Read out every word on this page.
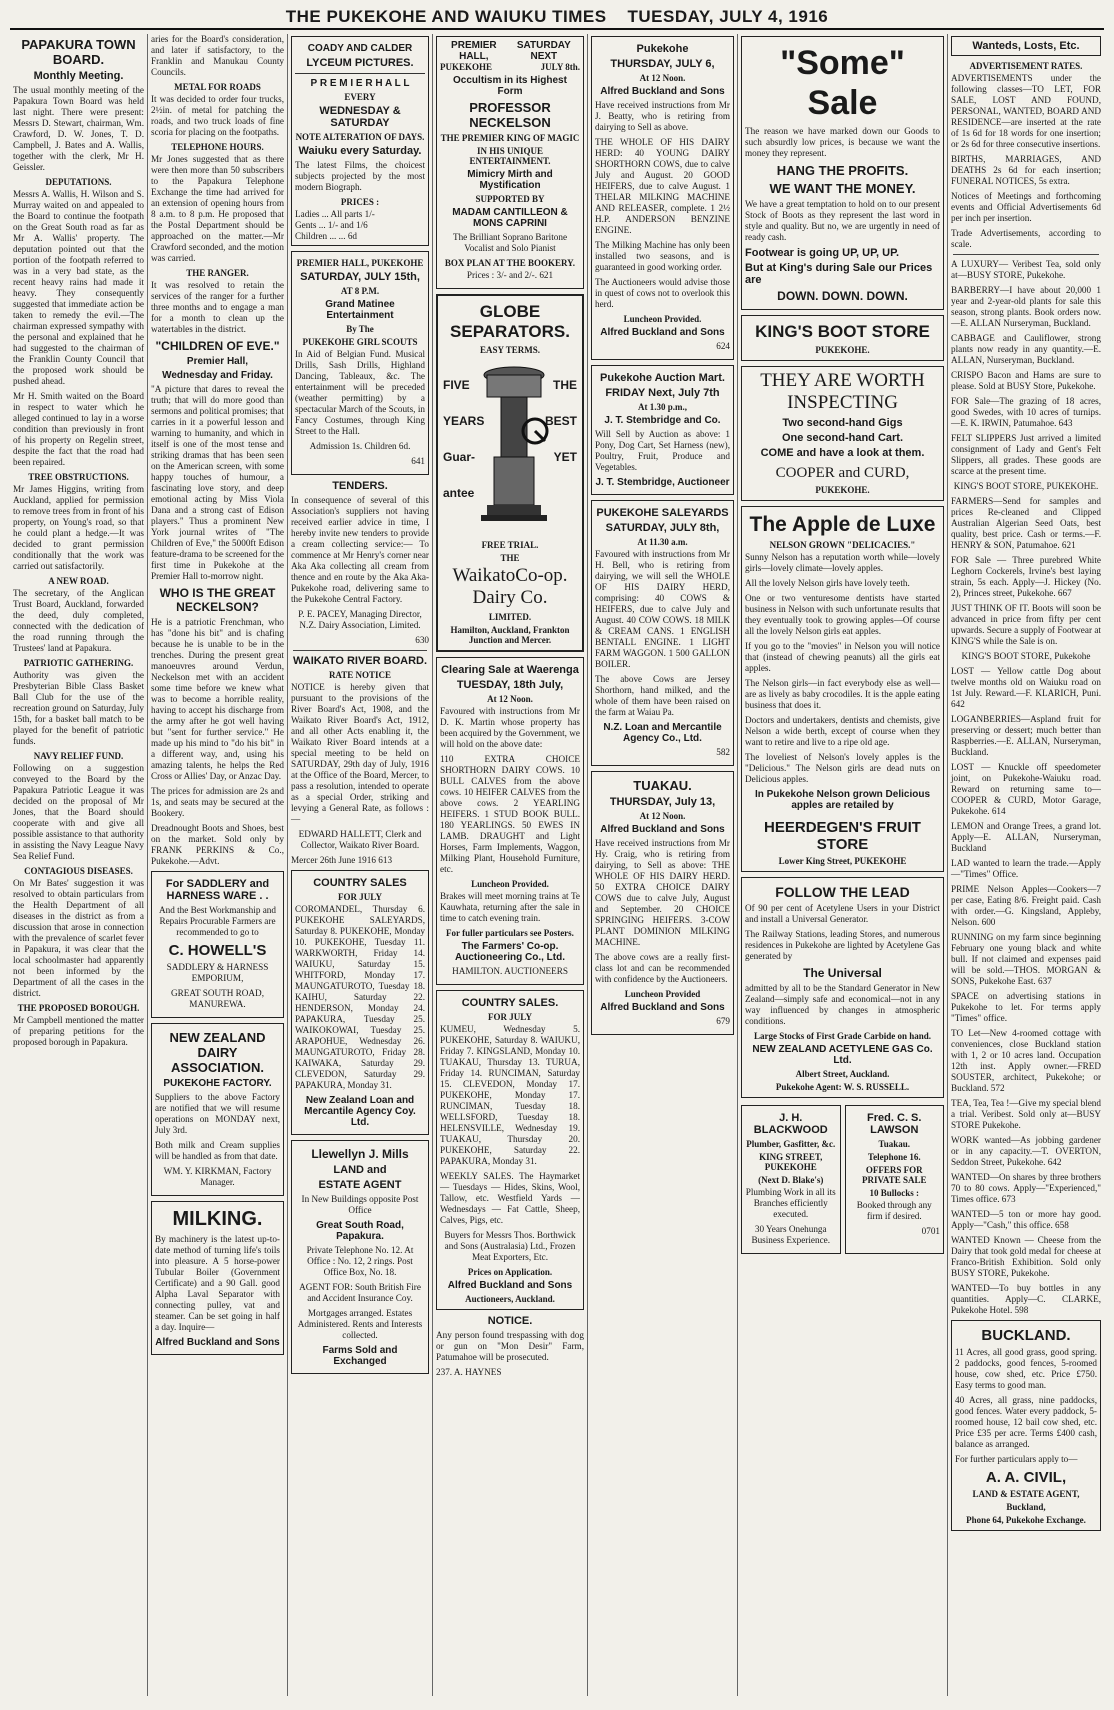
THE PUKEKOHE AND WAIUKU TIMES
TUESDAY, JULY 4, 1916
PAPAKURA TOWN BOARD.
Monthly Meeting.

The usual monthly meeting of the Papakura Town Board was held last night. There were present: Messrs D. Stewart, chairman, Wm. Crawford, D. W. Jones, T. D. Campbell, J. Bates and A. Wallis, together with the clerk, Mr H. Geissler.

DEPUTATIONS.

Messrs A. Wallis, H. Wilson and S. Murray waited on and appealed to the Board to continue the footpath on the Great South road as far as Mr A. Wallis' property. The deputation pointed out that the portion of the footpath referred to was in a very bad state, as the recent heavy rains had made it heavy. They consequently suggested that immediate action be taken to remedy the evil.—The chairman expressed sympathy with the personal and explained that he had suggested to the chairman of the Franklin County Council that the proposed work should be pushed ahead.

Mr H. Smith waited on the Board in respect to water which he alleged continued to lay in a worse condition than previously in front of his property on Regelin street, despite the fact that the road had been repaired.

TREE OBSTRUCTIONS.

Mr James Higgins, writing from Auckland, applied for permission to remove trees from in front of his property, on Young's road, so that he could plant a hedge.—It was decided to grant permission conditionally that the work was carried out satisfactorily.

A NEW ROAD.

The secretary, of the Anglican Trust Board, Auckland, forwarded the deed, duly completed, connected with the dedication of the road running through the Trustees' land at Papakura.

PATRIOTIC GATHERING.

Authority was given the Presbyterian Bible Class Basket Ball Club for the use of the recreation ground on Saturday, July 15th, for a basket ball match to be played for the benefit of patriotic funds.

NAVY RELIEF FUND.

Following on a suggestion conveyed to the Board by the Papakura Patriotic League it was decided on the proposal of Mr Jones, that the Board should cooperate with and give all possible assistance to that authority in assisting the Navy League Navy Sea Relief Fund.

CONTAGIOUS DISEASES.

On Mr Bates' suggestion it was resolved to obtain particulars from the Health Department of all diseases in the district as from a discussion that arose in connection with the prevalence of scarlet fever in Papakura, it was clear that the local schoolmaster had apparently not been informed by the Department of all the cases in the district.

THE PROPOSED BOROUGH.

Mr Campbell mentioned the matter of preparing petitions for the proposed borough in Papakura.

aries for the Board's consideration, and later if satisfactory, to the Franklin and Manukau County Councils.

METAL FOR ROADS

It was decided to order four trucks, 2½in. of metal for patching the roads, and two truck loads of fine scoria for placing on the footpaths.

TELEPHONE HOURS.

Mr Jones suggested that as there were then more than 50 subscribers to the Papakura Telephone Exchange the time had arrived for an extension of opening hours from 8 a.m. to 8 p.m. He proposed that the Postal Department should be approached on the matter.—Mr Crawford seconded, and the motion was carried.

THE RANGER.

It was resolved to retain the services of the ranger for a further three months and to engage a man for a month to clean up the watertables in the district.

"CHILDREN OF EVE."
Premier Hall,
Wednesday and Friday.

"A picture that dares to reveal the truth; that will do more good than sermons and political promises; that carries in it a powerful lesson and warning to humanity, and which in itself is one of the most tense and striking dramas that has been seen on the American screen, with some happy touches of humour, a fascinating love story, and deep emotional acting by Miss Viola Dana and a strong cast of Edison players." Thus a prominent New York journal writes of "The Children of Eve," the 5000ft Edison feature-drama to be screened for the first time in Pukekohe at the Premier Hall to-morrow night.

WHO IS THE GREAT NECKELSON?

He is a patriotic Frenchman, who has "done his bit" and is chafing because he is unable to be in the trenches. During the present great manoeuvres around Verdun, Neckelson met with an accident some time before we knew what was to become a horrible reality, having to accept his discharge from the army after he got well having but "sent for further service." He made up his mind to "do his bit" in a different way, and, using his amazing talents, he helps the Red Cross or Allies' Day, or Anzac Day.

The prices for admission are 2s and 1s, and seats may be secured at the Bookery.

Dreadnought Boots and Shoes, best on the market. Sold only by FRANK PERKINS & Co., Pukekohe.—Advt.

For SADDLERY and HARNESS WARE . .

And the Best Workmanship and Repairs Procurable Farmers are recommended to go to

C. HOWELL'S

SADDLERY & HARNESS EMPORIUM,

GREAT SOUTH ROAD, MANUREWA.

NEW ZEALAND DAIRY ASSOCIATION.
PUKEKOHE FACTORY.

Suppliers to the above Factory are notified that we will resume operations on MONDAY next, July 3rd.

Both milk and Cream supplies will be handled as from that date.

WM. Y. KIRKMAN, Factory Manager.

MILKING.

By machinery is the latest up-to-date method of turning life's toils into pleasure. A 5 horse-power Tubular Boiler (Government Certificate) and a 90 Gall. good Alpha Laval Separator with connecting pulley, vat and steamer. Can be set going in half a day. Inquire—

Alfred Buckland and Sons
COADY AND CALDER
LYCEUM PICTURES.
P R E M I E R H A L L
EVERY
WEDNESDAY & SATURDAY
NOTE ALTERATION OF DAYS.
Waiuku every Saturday.

The latest Films, the choicest subjects projected by the most modern Biograph.

PRICES :

Ladies ... All parts 1/-

Gents ... 1/- and 1/6

Children ... ... 6d

PREMIER HALL, PUKEKOHE
SATURDAY, JULY 15th,
AT 8 P.M.
Grand Matinee Entertainment
By The
PUKEKOHE GIRL SCOUTS

In Aid of Belgian Fund. Musical Drills, Sash Drills, Highland Dancing, Tableaux, &c. The entertainment will be preceded (weather permitting) by a spectacular March of the Scouts, in Fancy Costumes, through King Street to the Hall.

Admission 1s. Children 6d.

641

TENDERS.

In consequence of several of this Association's suppliers not having received earlier advice in time, I hereby invite new tenders to provide a cream collecting service:— To commence at Mr Henry's corner near Aka Aka collecting all cream from thence and en route by the Aka Aka-Pukekohe road, delivering same to the Pukekohe Central Factory.

P. E. PACEY, Managing Director, N.Z. Dairy Association, Limited.

630

WAIKATO RIVER BOARD.
RATE NOTICE

NOTICE is hereby given that pursuant to the provisions of the River Board's Act, 1908, and the Waikato River Board's Act, 1912, and all other Acts enabling it, the Waikato River Board intends at a special meeting to be held on SATURDAY, 29th day of July, 1916 at the Office of the Board, Mercer, to pass a resolution, intended to operate as a special Order, striking and levying a General Rate, as follows :—

EDWARD HALLETT, Clerk and Collector, Waikato River Board.

Mercer 26th June 1916 613

COUNTRY SALES
FOR JULY

COROMANDEL, Thursday 6. PUKEKOHE SALEYARDS, Saturday 8. PUKEKOHE, Monday 10. PUKEKOHE, Tuesday 11. WARKWORTH, Friday 14. WAIUKU, Saturday 15. WHITFORD, Monday 17. MAUNGATUROTO, Tuesday 18. KAIHU, Saturday 22. HENDERSON, Monday 24. PAPAKURA, Tuesday 25. WAIKOKOWAI, Tuesday 25. ARAPOHUE, Wednesday 26. MAUNGATUROTO, Friday 28. KAIWAKA, Saturday 29. CLEVEDON, Saturday 29. PAPAKURA, Monday 31.

New Zealand Loan and Mercantile Agency Coy. Ltd.
Llewellyn J. Mills
LAND and
ESTATE AGENT

In New Buildings opposite Post Office

Great South Road, Papakura.

Private Telephone No. 12. At Office : No. 12, 2 rings. Post Office Box, No. 18.

AGENT FOR: South British Fire and Accident Insurance Coy.

Mortgages arranged. Estates Administered. Rents and Interests collected.

Farms Sold and Exchanged
PREMIER HALL,
SATURDAY NEXT
PUKEKOHE	JULY 8th.
Occultism in its Highest Form
PROFESSOR NECKELSON
THE PREMIER KING OF MAGIC
IN HIS UNIQUE ENTERTAINMENT.
Mimicry Mirth and Mystification
SUPPORTED BY
MADAM CANTILLEON & MONS CAPRINI

The Brilliant Soprano Baritone Vocalist and Solo Pianist

BOX PLAN AT THE BOOKERY.

Prices : 3/- and 2/-. 621

GLOBE SEPARATORS.
EASY TERMS.
FIVE
YEARS
Guar-
antee
THE
BEST
YET
FREE TRIAL.
THE
WaikatoCo-op. Dairy Co.
LIMITED.
Hamilton, Auckland, Frankton Junction and Mercer.
Clearing Sale at Waerenga
TUESDAY, 18th July,
At 12 Noon.

Favoured with instructions from Mr D. K. Martin whose property has been acquired by the Government, we will hold on the above date:

110 EXTRA CHOICE SHORTHORN DAIRY COWS. 10 BULL CALVES from the above cows. 10 HEIFER CALVES from the above cows. 2 YEARLING HEIFERS. 1 STUD BOOK BULL. 180 YEARLINGS. 50 EWES IN LAMB. DRAUGHT and Light Horses, Farm Implements, Waggon, Milking Plant, Household Furniture, etc.

Luncheon Provided.

Brakes will meet morning trains at Te Kauwhata, returning after the sale in time to catch evening train.

For fuller particulars see Posters.
The Farmers' Co-op. Auctioneering Co., Ltd.

HAMILTON. AUCTIONEERS

COUNTRY SALES.
FOR JULY

KUMEU, Wednesday 5. PUKEKOHE, Saturday 8. WAIUKU, Friday 7. KINGSLAND, Monday 10. TUAKAU, Thursday 13. TURUA, Friday 14. RUNCIMAN, Saturday 15. CLEVEDON, Monday 17. PUKEKOHE, Monday 17. RUNCIMAN, Tuesday 18. WELLSFORD, Tuesday 18. HELENSVILLE, Wednesday 19. TUAKAU, Thursday 20. PUKEKOHE, Saturday 22. PAPAKURA, Monday 31.

WEEKLY SALES. The Haymarket — Tuesdays — Hides, Skins, Wool, Tallow, etc. Westfield Yards — Wednesdays — Fat Cattle, Sheep, Calves, Pigs, etc.

Buyers for Messrs Thos. Borthwick and Sons (Australasia) Ltd., Frozen Meat Exporters, Etc.

Prices on Application.
Alfred Buckland and Sons
Auctioneers, Auckland.
NOTICE.

Any person found trespassing with dog or gun on "Mon Desir" Farm, Patumahoe will be prosecuted.

237. A. HAYNES

Pukekohe
THURSDAY, JULY 6,
At 12 Noon.
Alfred Buckland and Sons

Have received instructions from Mr J. Beatty, who is retiring from dairying to Sell as above.

THE WHOLE OF HIS DAIRY HERD: 40 YOUNG DAIRY SHORTHORN COWS, due to calve July and August. 20 GOOD HEIFERS, due to calve August. 1 THELAR MILKING MACHINE AND RELEASER, complete. 1 2½ H.P. ANDERSON BENZINE ENGINE.

The Milking Machine has only been installed two seasons, and is guaranteed in good working order.

The Auctioneers would advise those in quest of cows not to overlook this herd.

Luncheon Provided.
Alfred Buckland and Sons

624

Pukekohe Auction Mart.
FRIDAY Next, July 7th
At 1.30 p.m.,
J. T. Stembridge and Co.

Will Sell by Auction as above: 1 Pony, Dog Cart, Set Harness (new), Poultry, Fruit, Produce and Vegetables.

J. T. Stembridge, Auctioneer
PUKEKOHE SALEYARDS
SATURDAY, JULY 8th,
At 11.30 a.m.

Favoured with instructions from Mr H. Bell, who is retiring from dairying, we will sell the WHOLE OF HIS DAIRY HERD, comprising: 40 COWS & HEIFERS, due to calve July and August. 40 COW COWS. 18 MILK & CREAM CANS. 1 ENGLISH BENTALL ENGINE. 1 LIGHT FARM WAGGON. 1 500 GALLON BOILER.

The above Cows are Jersey Shorthorn, hand milked, and the whole of them have been raised on the farm at Waiau Pa.

N.Z. Loan and Mercantile Agency Co., Ltd.

582

TUAKAU.
THURSDAY, July 13,
At 12 Noon.
Alfred Buckland and Sons

Have received instructions from Mr Hy. Craig, who is retiring from dairying, to Sell as above: THE WHOLE OF HIS DAIRY HERD. 50 EXTRA CHOICE DAIRY COWS due to calve July, August and September. 20 CHOICE SPRINGING HEIFERS. 3-COW PLANT DOMINION MILKING MACHINE.

The above cows are a really first-class lot and can be recommended with confidence by the Auctioneers.

Luncheon Provided
Alfred Buckland and Sons

679

"Some" Sale

The reason we have marked down our Goods to such absurdly low prices, is because we want the money they represent.

HANG THE PROFITS.
WE WANT THE MONEY.

We have a great temptation to hold on to our present Stock of Boots as they represent the last word in style and quality. But no, we are urgently in need of ready cash.

Footwear is going UP, UP, UP.
But at King's during Sale our Prices are
DOWN. DOWN. DOWN.
KING'S BOOT STORE
PUKEKOHE.
THEY ARE WORTH INSPECTING
Two second-hand Gigs
One second-hand Cart.
COME and have a look at them.
COOPER and CURD,
PUKEKOHE.
The Apple de Luxe
NELSON GROWN "DELICACIES."

Sunny Nelson has a reputation worth while—lovely girls—lovely climate—lovely apples.

All the lovely Nelson girls have lovely teeth.

One or two venturesome dentists have started business in Nelson with such unfortunate results that they eventually took to growing apples—Of course all the lovely Nelson girls eat apples.

If you go to the "movies" in Nelson you will notice that (instead of chewing peanuts) all the girls eat apples.

The Nelson girls—in fact everybody else as well—are as lively as baby crocodiles. It is the apple eating business that does it.

Doctors and undertakers, dentists and chemists, give Nelson a wide berth, except of course when they want to retire and live to a ripe old age.

The loveliest of Nelson's lovely apples is the "Delicious." The Nelson girls are dead nuts on Delicious apples.

In Pukekohe Nelson grown Delicious apples are retailed by
HEERDEGEN'S FRUIT STORE
Lower King Street, PUKEKOHE
FOLLOW THE LEAD

Of 90 per cent of Acetylene Users in your District and install a Universal Generator.

The Railway Stations, leading Stores, and numerous residences in Pukekohe are lighted by Acetylene Gas generated by

The Universal

admitted by all to be the Standard Generator in New Zealand—simply safe and economical—not in any way influenced by changes in atmospheric conditions.

Large Stocks of First Grade Carbide on hand.
NEW ZEALAND ACETYLENE GAS Co. Ltd.
Albert Street, Auckland.
Pukekohe Agent: W. S. RUSSELL.
J. H. BLACKWOOD
Plumber, Gasfitter, &c.
KING STREET, PUKEKOHE
(Next D. Blake's)

Plumbing Work in all its Branches efficiently executed.

30 Years Onehunga Business Experience.

Fred. C. S. LAWSON
Tuakau.
Telephone 16.
OFFERS FOR PRIVATE SALE
10 Bullocks :

Booked through any firm if desired.

0701

Wanteds, Losts, Etc.
ADVERTISEMENT RATES.

ADVERTISEMENTS under the following classes—TO LET, FOR SALE, LOST AND FOUND, PERSONAL, WANTED, BOARD AND RESIDENCE—are inserted at the rate of 1s 6d for 18 words for one insertion; or 2s 6d for three consecutive insertions.

BIRTHS, MARRIAGES, AND DEATHS 2s 6d for each insertion; FUNERAL NOTICES, 5s extra.

Notices of Meetings and forthcoming events and Official Advertisements 6d per inch per insertion.

Trade Advertisements, according to scale.

A LUXURY— Veribest Tea, sold only at—BUSY STORE, Pukekohe.

BARBERRY—I have about 20,000 1 year and 2-year-old plants for sale this season, strong plants. Book orders now.—E. ALLAN Nurseryman, Buckland.

CABBAGE and Cauliflower, strong plants now ready in any quantity.—E. ALLAN, Nurseryman, Buckland.

CRISPO Bacon and Hams are sure to please. Sold at BUSY Store, Pukekohe.

FOR Sale—The grazing of 18 acres, good Swedes, with 10 acres of turnips.—E. K. IRWIN, Patumahoe. 643

FELT SLIPPERS Just arrived a limited consignment of Lady and Gent's Felt Slippers, all grades. These goods are scarce at the present time.

KING'S BOOT STORE, PUKEKOHE.

FARMERS—Send for samples and prices Re-cleaned and Clipped Australian Algerian Seed Oats, best quality, best price. Cash or terms.—F. HENRY & SON, Patumahoe. 621

FOR Sale — Three purebred White Leghorn Cockerels, Irvine's best laying strain, 5s each. Apply—J. Hickey (No. 2), Princes street, Pukekohe. 667

JUST THINK OF IT. Boots will soon be advanced in price from fifty per cent upwards. Secure a supply of Footwear at KING'S while the Sale is on.

KING'S BOOT STORE, Pukekohe

LOST — Yellow cattle Dog about twelve months old on Waiuku road on 1st July. Reward.—F. KLARICH, Puni. 642

LOGANBERRIES—Aspland fruit for preserving or dessert; much better than Raspberries.—E. ALLAN, Nurseryman, Buckland.

LOST — Knuckle off speedometer joint, on Pukekohe-Waiuku road. Reward on returning same to—COOPER & CURD, Motor Garage, Pukekohe. 614

LEMON and Orange Trees, a grand lot. Apply—E. ALLAN, Nurseryman, Buckland

LAD wanted to learn the trade.—Apply—"Times" Office.

PRIME Nelson Apples—Cookers—7 per case, Eating 8/6. Freight paid. Cash with order.—G. Kingsland, Appleby, Nelson. 600

RUNNING on my farm since beginning February one young black and white bull. If not claimed and expenses paid will be sold.—THOS. MORGAN & SONS, Pukekohe East. 637

SPACE on advertising stations in Pukekohe to let. For terms apply "Times" office.

TO Let—New 4-roomed cottage with conveniences, close Buckland station with 1, 2 or 10 acres land. Occupation 12th inst. Apply owner.—FRED SOUSTER, architect, Pukekohe; or Buckland. 572

TEA, Tea, Tea !—Give my special blend a trial. Veribest. Sold only at—BUSY STORE Pukekohe.

WORK wanted—As jobbing gardener or in any capacity.—T. OVERTON, Seddon Street, Pukekohe. 642

WANTED—On shares by three brothers 70 to 80 cows. Apply—"Experienced," Times office. 673

WANTED—5 ton or more hay good. Apply—"Cash," this office. 658

WANTED Known — Cheese from the Dairy that took gold medal for cheese at Franco-British Exhibition. Sold only BUSY STORE, Pukekohe.

WANTED—To buy bottles in any quantities. Apply—C. CLARKE, Pukekohe Hotel. 598

BUCKLAND.

11 Acres, all good grass, good spring. 2 paddocks, good fences, 5-roomed house, cow shed, etc. Price £750. Easy terms to good man.

40 Acres, all grass, nine paddocks, good fences. Water every paddock, 5-roomed house, 12 bail cow shed, etc. Price £35 per acre. Terms £400 cash, balance as arranged.

For further particulars apply to—

A. A. CIVIL,
LAND & ESTATE AGENT,
Buckland,
Phone 64, Pukekohe Exchange.
